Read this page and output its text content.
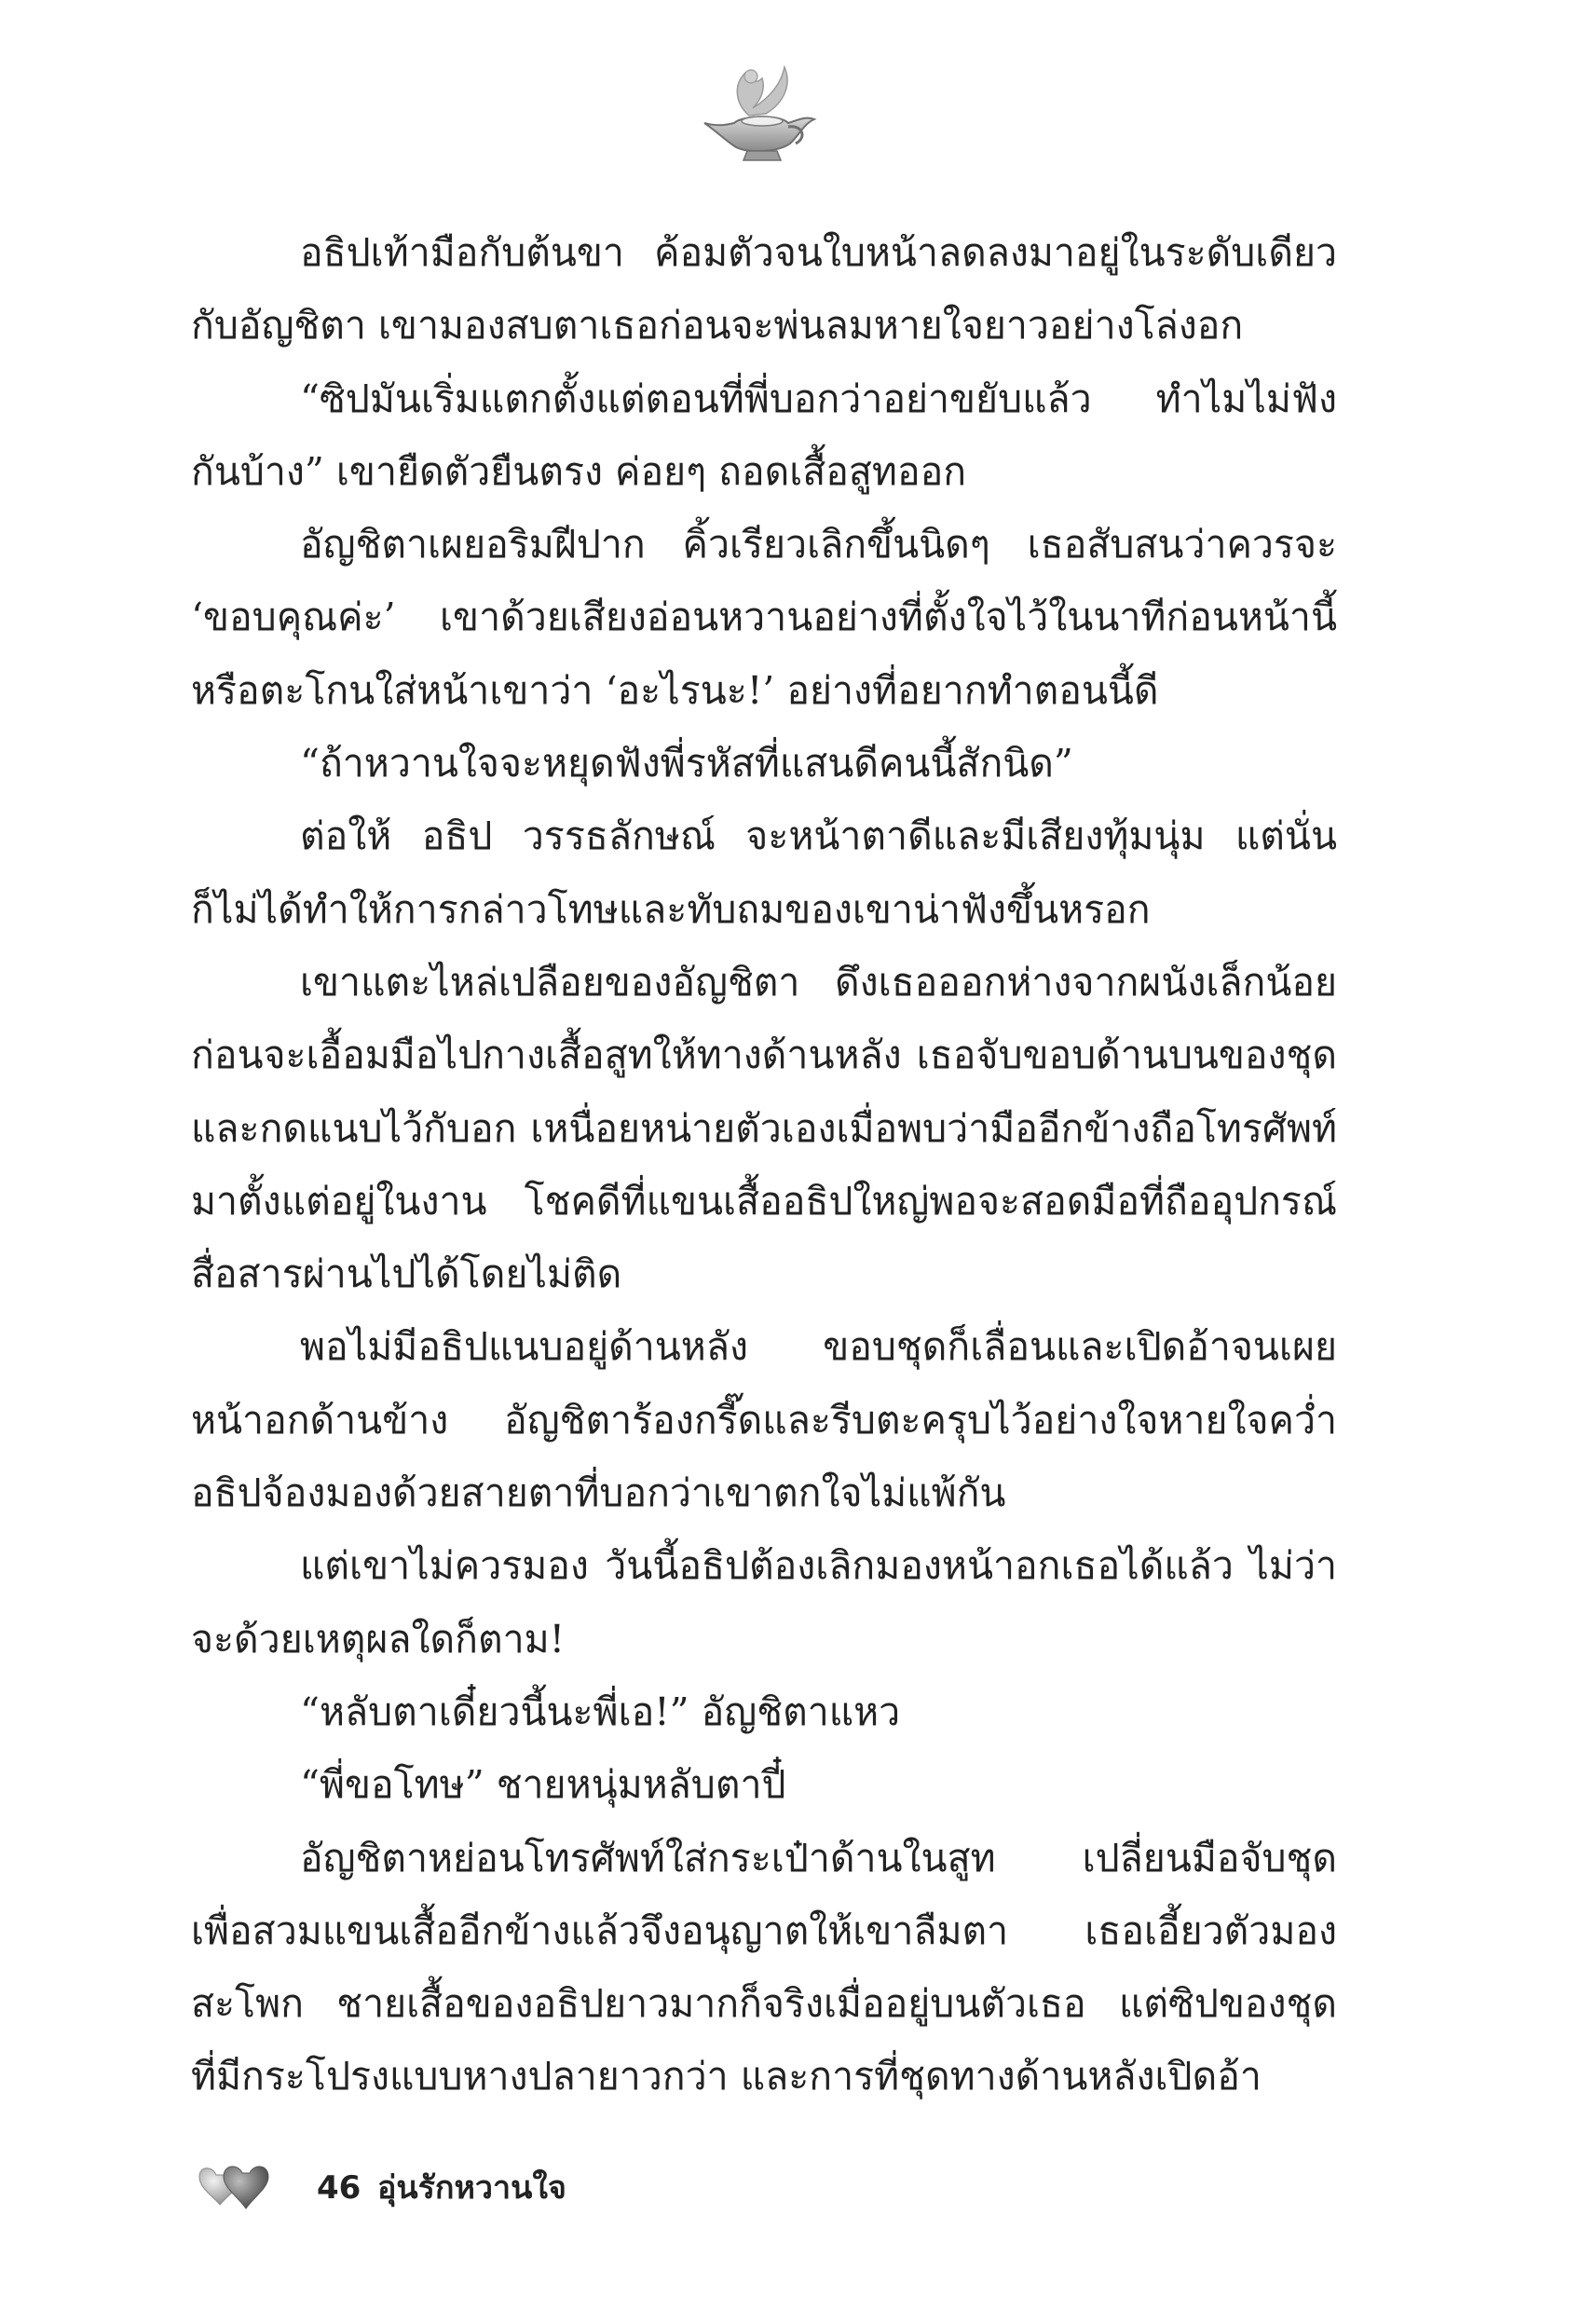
อธิปเท้ามือกับต้นขา ค้อมตัวจนใบหน้าลดลงมาอยู่ในระดับเดียว
กับอัญชิตา เขามองสบตาเธอก่อนจะพ่นลมหายใจยาวอย่างโล่งอก
“ซิปมันเริ่มแตกตั้งแต่ตอนที่พี่บอกว่าอย่าขยับแล้ว ทำไมไม่ฟัง
กันบ้าง” เขายืดตัวยืนตรง ค่อยๆ ถอดเสื้อสูทออก
อัญชิตาเผยอริมฝีปาก คิ้วเรียวเลิกขึ้นนิดๆ เธอสับสนว่าควรจะ
‘ขอบคุณค่ะ’ เขาด้วยเสียงอ่อนหวานอย่างที่ตั้งใจไว้ในนาทีก่อนหน้านี้
หรือตะโกนใส่หน้าเขาว่า ‘อะไรนะ!’ อย่างที่อยากทำตอนนี้ดี
“ถ้าหวานใจจะหยุดฟังพี่รหัสที่แสนดีคนนี้สักนิด”
ต่อให้ อธิป วรรธลักษณ์ จะหน้าตาดีและมีเสียงทุ้มนุ่ม แต่นั่น
ก็ไม่ได้ทำให้การกล่าวโทษและทับถมของเขาน่าฟังขึ้นหรอก
เขาแตะไหล่เปลือยของอัญชิตา ดึงเธอออกห่างจากผนังเล็กน้อย
ก่อนจะเอื้อมมือไปกางเสื้อสูทให้ทางด้านหลัง เธอจับขอบด้านบนของชุด
และกดแนบไว้กับอก เหนื่อยหน่ายตัวเองเมื่อพบว่ามืออีกข้างถือโทรศัพท์
มาตั้งแต่อยู่ในงาน โชคดีที่แขนเสื้ออธิปใหญ่พอจะสอดมือที่ถืออุปกรณ์
สื่อสารผ่านไปได้โดยไม่ติด
พอไม่มีอธิปแนบอยู่ด้านหลัง ขอบชุดก็เลื่อนและเปิดอ้าจนเผย
หน้าอกด้านข้าง อัญชิตาร้องกรี๊ดและรีบตะครุบไว้อย่างใจหายใจคว่ำ
อธิปจ้องมองด้วยสายตาที่บอกว่าเขาตกใจไม่แพ้กัน
แต่เขาไม่ควรมอง วันนี้อธิปต้องเลิกมองหน้าอกเธอได้แล้ว ไม่ว่า
จะด้วยเหตุผลใดก็ตาม!
“หลับตาเดี๋ยวนี้นะพี่เอ!” อัญชิตาแหว
“พี่ขอโทษ” ชายหนุ่มหลับตาปี๋
อัญชิตาหย่อนโทรศัพท์ใส่กระเป๋าด้านในสูท เปลี่ยนมือจับชุด
เพื่อสวมแขนเสื้ออีกข้างแล้วจึงอนุญาตให้เขาลืมตา เธอเอี้ยวตัวมอง
สะโพก ชายเสื้อของอธิปยาวมากก็จริงเมื่ออยู่บนตัวเธอ แต่ซิปของชุด
ที่มีกระโปรงแบบหางปลายาวกว่า และการที่ชุดทางด้านหลังเปิดอ้า
46 อุ่นรักหวานใจ
